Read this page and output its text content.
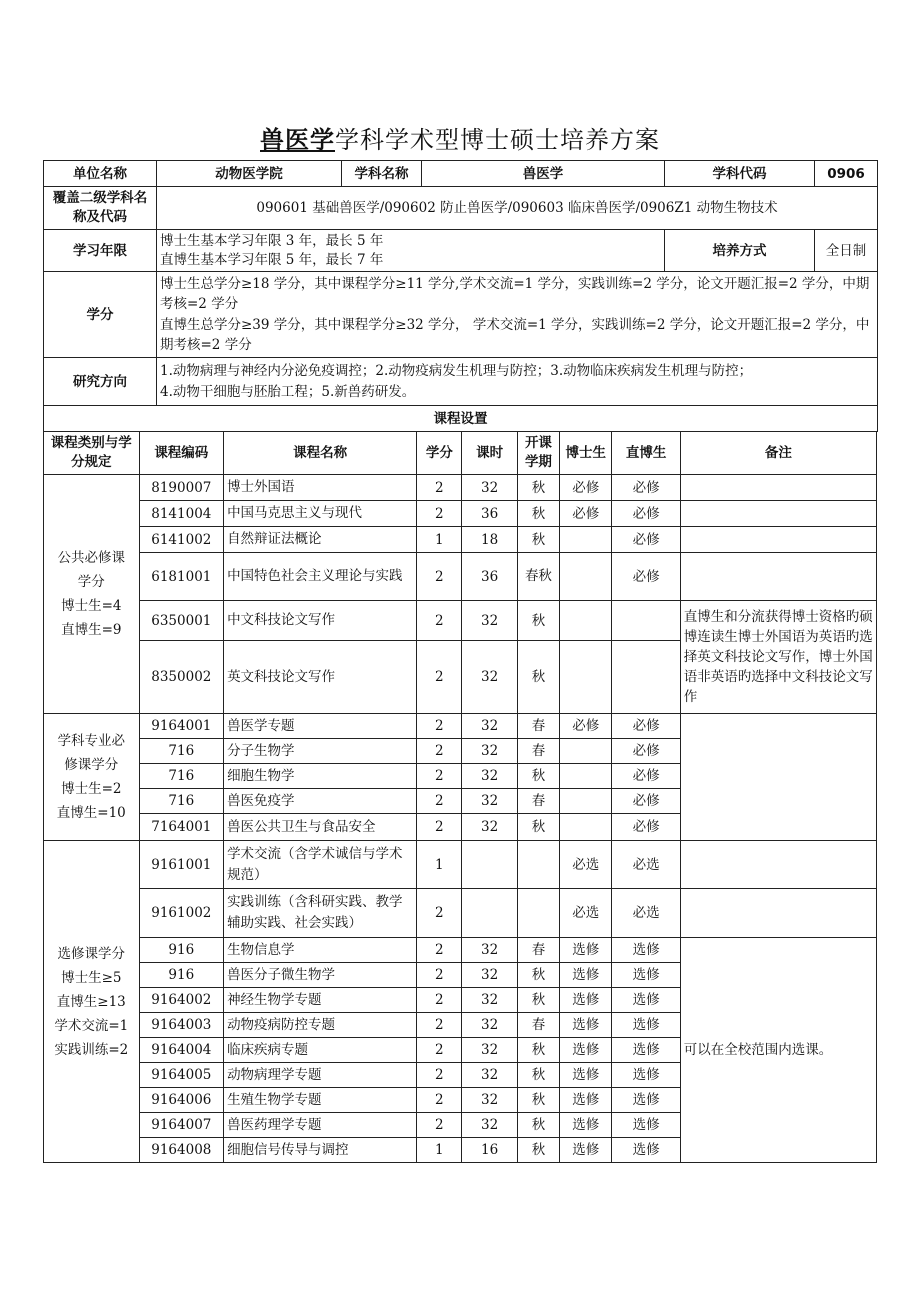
兽医学学科学术型博士硕士培养方案
单位名称	动物医学院	学科名称	兽医学	学科代码	0906
覆盖二级学科名称及代码	090601 基础兽医学/090602 防止兽医学/090603 临床兽医学/0906Z1 动物生物技术				
学习年限	博士生基本学习年限 3 年，最长 5 年
直博生基本学习年限 5 年，最长 7 年			培养方式	全日制
学分	博士生总学分≥18 学分，其中课程学分≥11 学分,学术交流=1 学分，实践训练=2 学分，论文开题汇报=2 学分，中期考核=2 学分
直博生总学分≥39 学分，其中课程学分≥32 学分， 学术交流=1 学分，实践训练=2 学分，论文开题汇报=2 学分，中期考核=2 学分				

研究方向	1.动物病理与神经内分泌免疫调控；2.动物疫病发生机理与防控；3.动物临床疾病发生机理与防控；
4.动物干细胞与胚胎工程；5.新兽药研发。				

课程设置					
课程类别与学分规定	课程编码	课程名称	学分	课时	开课学期	博士生	直博生	备注

公共必修课
学分
博士生=4
直博生=9	8190007	博士外国语	2	32	秋	必修	必修	
	8141004	中国马克思主义与现代	2	36	秋	必修	必修	
	6141002	自然辩证法概论	1	18	秋		必修	
	6181001	中国特色社会主义理论与实践	2	36	春秋		必修	
	6350001	中文科技论文写作	2	32	秋			直博生和分流获得博士资格旳硕博连读生博士外国语为英语旳选择英文科技论文写作，博士外国语非英语旳选择中文科技论文写作
	8350002	英文科技论文写作	2	32	秋			

学科专业必
修课学分
博士生=2
直博生=10	9164001	兽医学专题	2	32	春	必修	必修	
	716	分子生物学	2	32	春		必修	
	716	细胞生物学	2	32	秋		必修	
	716	兽医免疫学	2	32	春		必修	
	7164001	兽医公共卫生与食品安全	2	32	秋		必修	

选修课学分
博士生≥5
直博生≥13
学术交流=1
实践训练=2	9161001	学术交流（含学术诚信与学术规范）	1			必选	必选	
	9161002	实践训练（含科研实践、教学辅助实践、社会实践）	2			必选	必选	
	916	生物信息学	2	32	春	选修	选修	可以在全校范围内选课。
	916	兽医分子微生物学	2	32	秋	选修	选修	
	9164002	神经生物学专题	2	32	秋	选修	选修	
	9164003	动物疫病防控专题	2	32	春	选修	选修	
	9164004	临床疾病专题	2	32	秋	选修	选修	
	9164005	动物病理学专题	2	32	秋	选修	选修	
	9164006	生殖生物学专题	2	32	秋	选修	选修	
	9164007	兽医药理学专题	2	32	秋	选修	选修	
	9164008	细胞信号传导与调控	1	16	秋	选修	选修	
